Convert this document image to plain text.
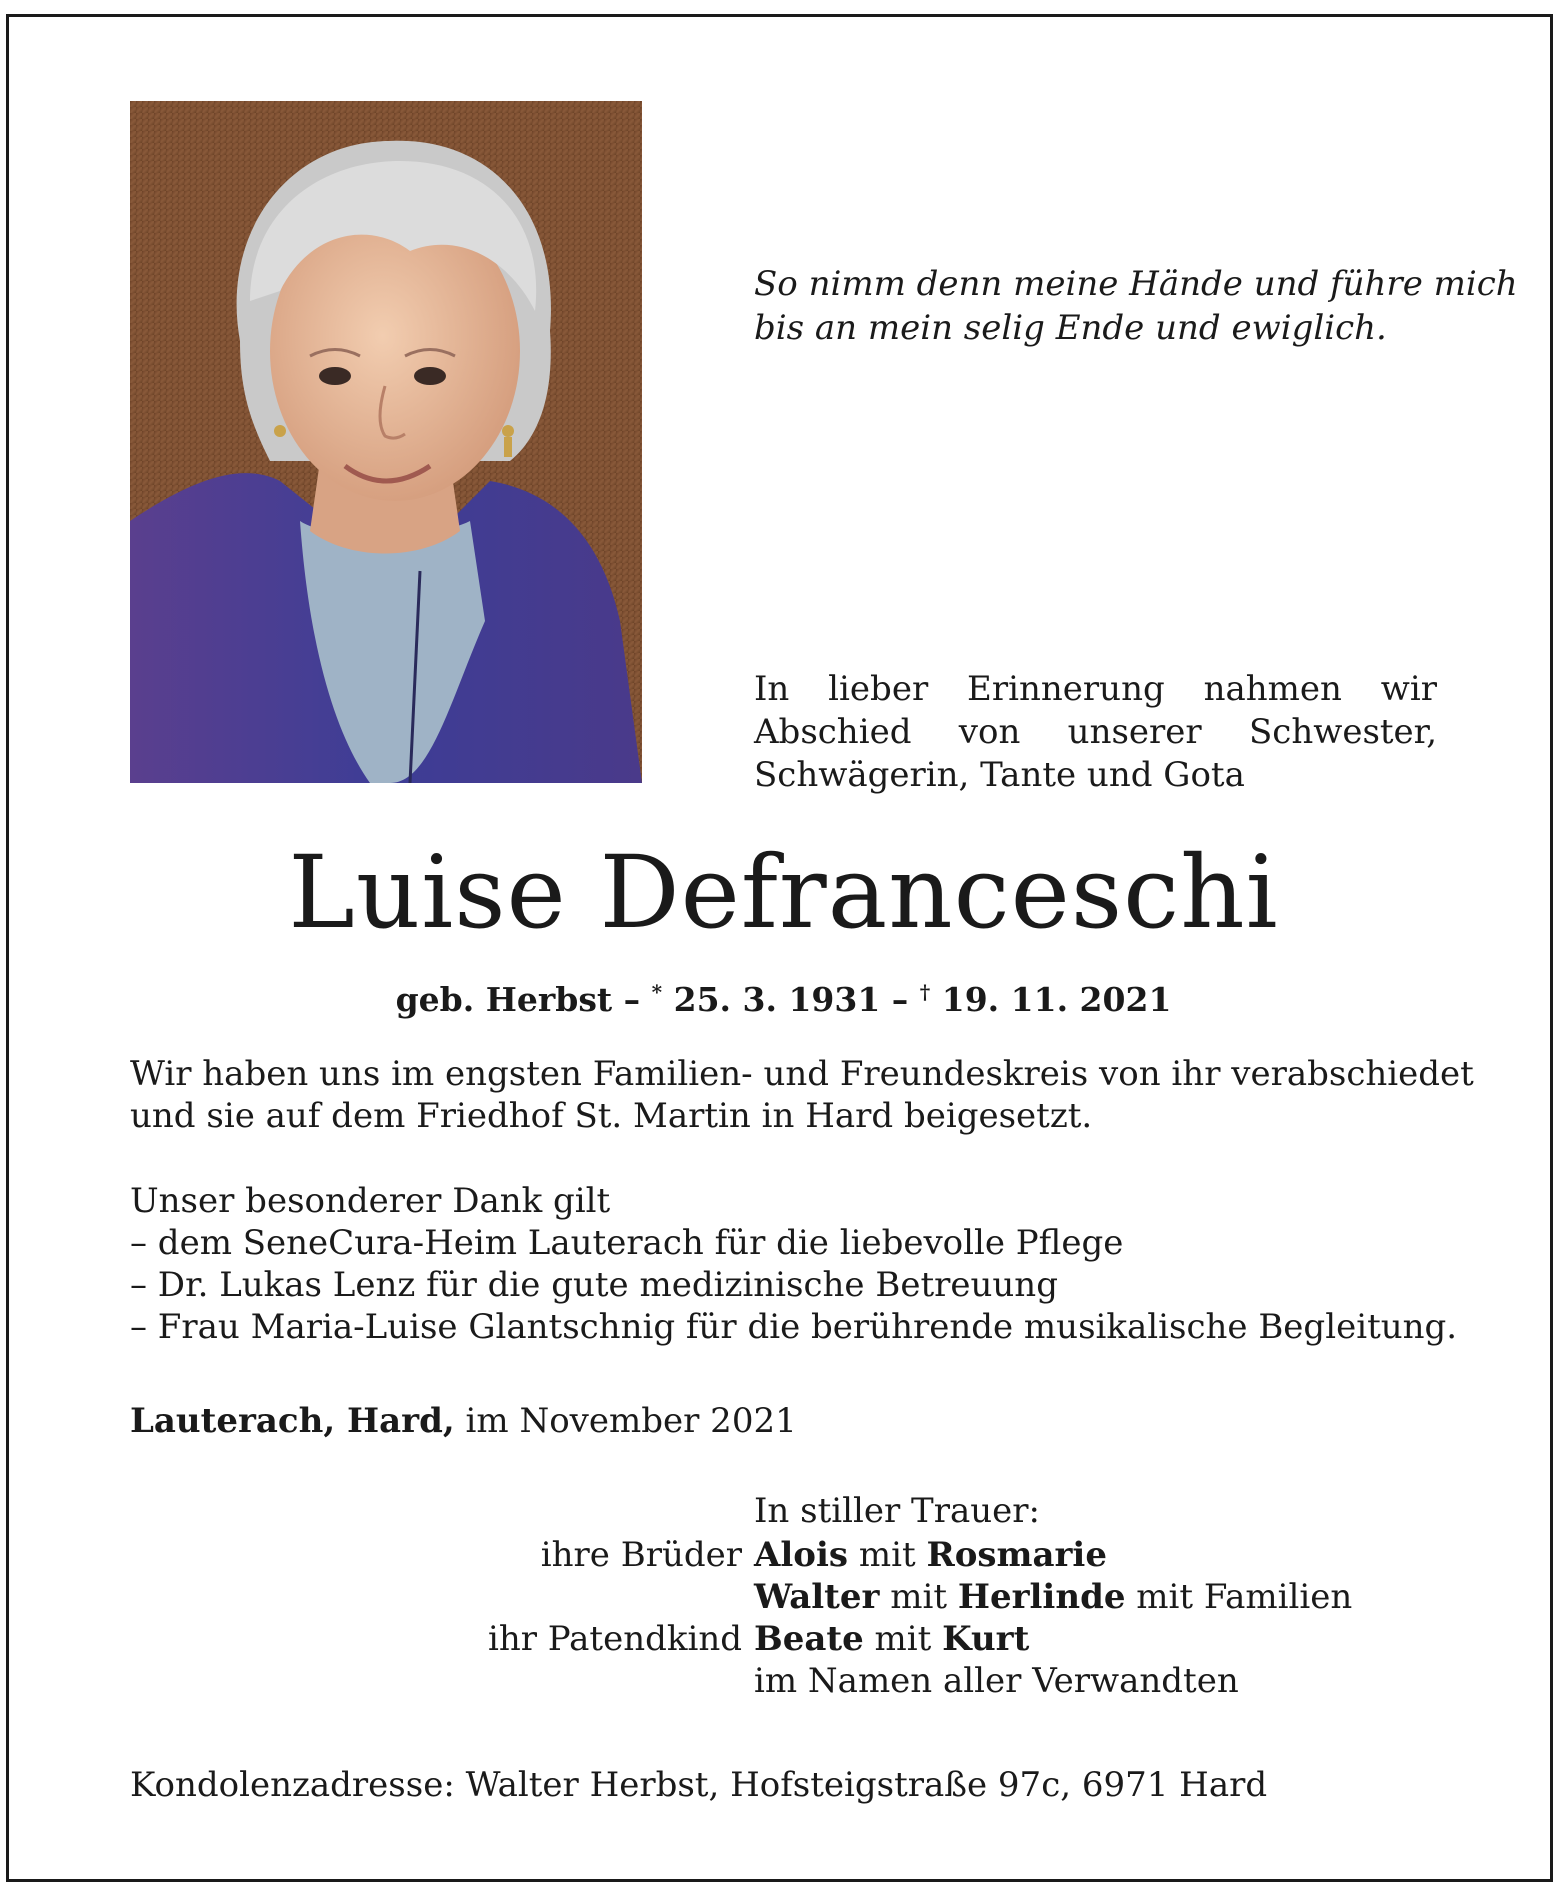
So nimm denn meine Hände und führe mich
bis an mein selig Ende und ewiglich.
In lieber Erinnerung nahmen wir Abschied von unserer Schwester, Schwägerin, Tante und Gota
Luise Defranceschi
geb. Herbst – * 25. 3. 1931 – † 19. 11. 2021
Wir haben uns im engsten Familien- und Freundeskreis von ihr verabschiedet
und sie auf dem Friedhof St. Martin in Hard beigesetzt.
Unser besonderer Dank gilt
– dem SeneCura-Heim Lauterach für die liebevolle Pflege
– Dr. Lukas Lenz für die gute medizinische Betreuung
– Frau Maria-Luise Glantschnig für die berührende musikalische Begleitung.
Lauterach, Hard, im November 2021
In stiller Trauer:
ihre Brüder Alois mit Rosmarie
Walter mit Herlinde mit Familien
ihr Patendkind Beate mit Kurt
im Namen aller Verwandten
Kondolenzadresse: Walter Herbst, Hofsteigstraße 97c, 6971 Hard
